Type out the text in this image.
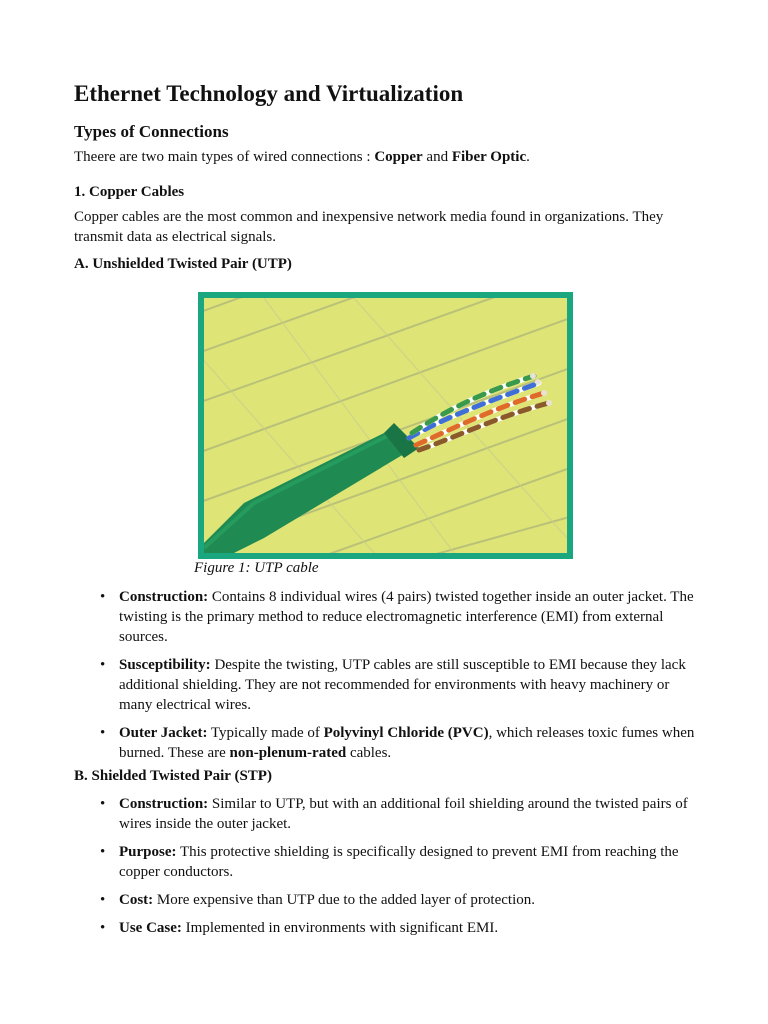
Ethernet Technology and Virtualization
Types of Connections

Theere are two main types of wired connections : Copper and Fiber Optic.

1. Copper Cables

Copper cables are the most common and inexpensive network media found in organizations. They transmit data as electrical signals.

A. Unshielded Twisted Pair (UTP)

Figure 1: UTP cable
• Construction: Contains 8 individual wires (4 pairs) twisted together inside an outer jacket. The twisting is the primary method to reduce electromagnetic interference (EMI) from external sources.
• Susceptibility: Despite the twisting, UTP cables are still susceptible to EMI because they lack additional shielding. They are not recommended for environments with heavy machinery or many electrical wires.
• Outer Jacket: Typically made of Polyvinyl Chloride (PVC), which releases toxic fumes when burned. These are non-plenum-rated cables.

B. Shielded Twisted Pair (STP)

• Construction: Similar to UTP, but with an additional foil shielding around the twisted pairs of wires inside the outer jacket.
• Purpose: This protective shielding is specifically designed to prevent EMI from reaching the copper conductors.
• Cost: More expensive than UTP due to the added layer of protection.
• Use Case: Implemented in environments with significant EMI.
